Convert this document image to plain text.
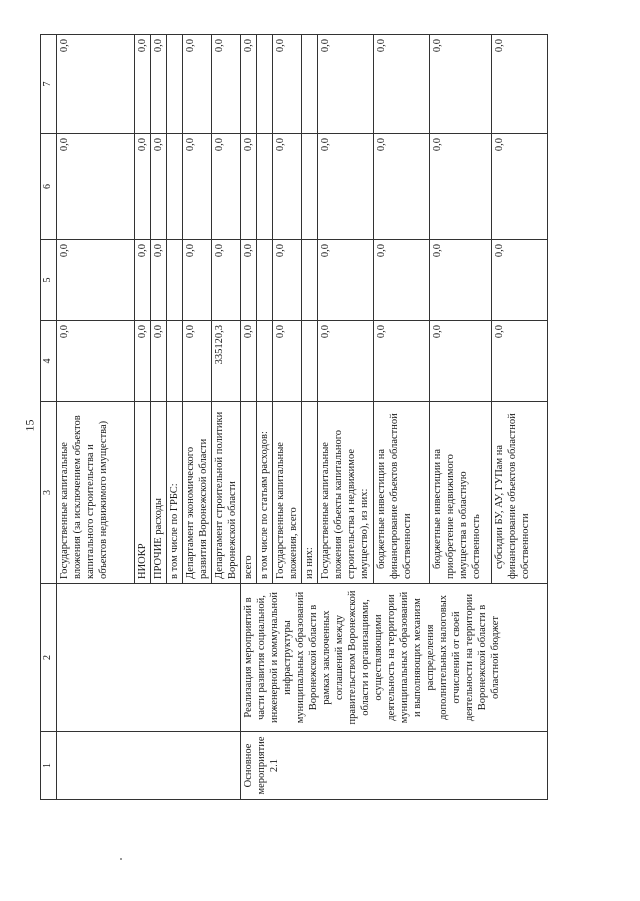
15
1	2	3	4	5	6	7
		Государственные капитальные вложения (за исключением объектов капитального строительства и объектов недвижимого имущества)	0,0	0,0	0,0	0,0
		НИОКР	0,0	0,0	0,0	0,0
		ПРОЧИЕ расходы	0,0	0,0	0,0	0,0
		в том числе по ГРБС:				
		Департамент экономического развития Воронежской области	0,0	0,0	0,0	0,0
		Департамент строительной политики Воронежской области	335120,3	0,0	0,0	0,0
Основное мероприятие 2.1	Реализация мероприятий в части развития социальной, инженерной и коммунальной инфраструктуры муниципальных образований Воронежской области в рамках заключенных соглашений между правительством Воронежской области и организациями, осуществляющими деятельность на территории муниципальных образований и выполняющих механизм распределения дополнительных налоговых отчислений от своей деятельности на территории Воронежской области в областной бюджет	всего	0,0	0,0	0,0	0,0
		в том числе по статьям расходов:				
		Государственные капитальные вложения, всего	0,0	0,0	0,0	0,0
		из них:				
		Государственные капитальные вложения (объекты капитального строительства и недвижимое имущество), из них:	0,0	0,0	0,0	0,0

		бюджетные инвестиции на финансирование объектов областной собственности	0,0	0,0	0,0	0,0

		бюджетные инвестиции на приобретение недвижимого имущества в областную собственность	0,0	0,0	0,0	0,0

		субсидии БУ, АУ, ГУПам на финансирование объектов областной собственности	0,0	0,0	0,0	0,0
